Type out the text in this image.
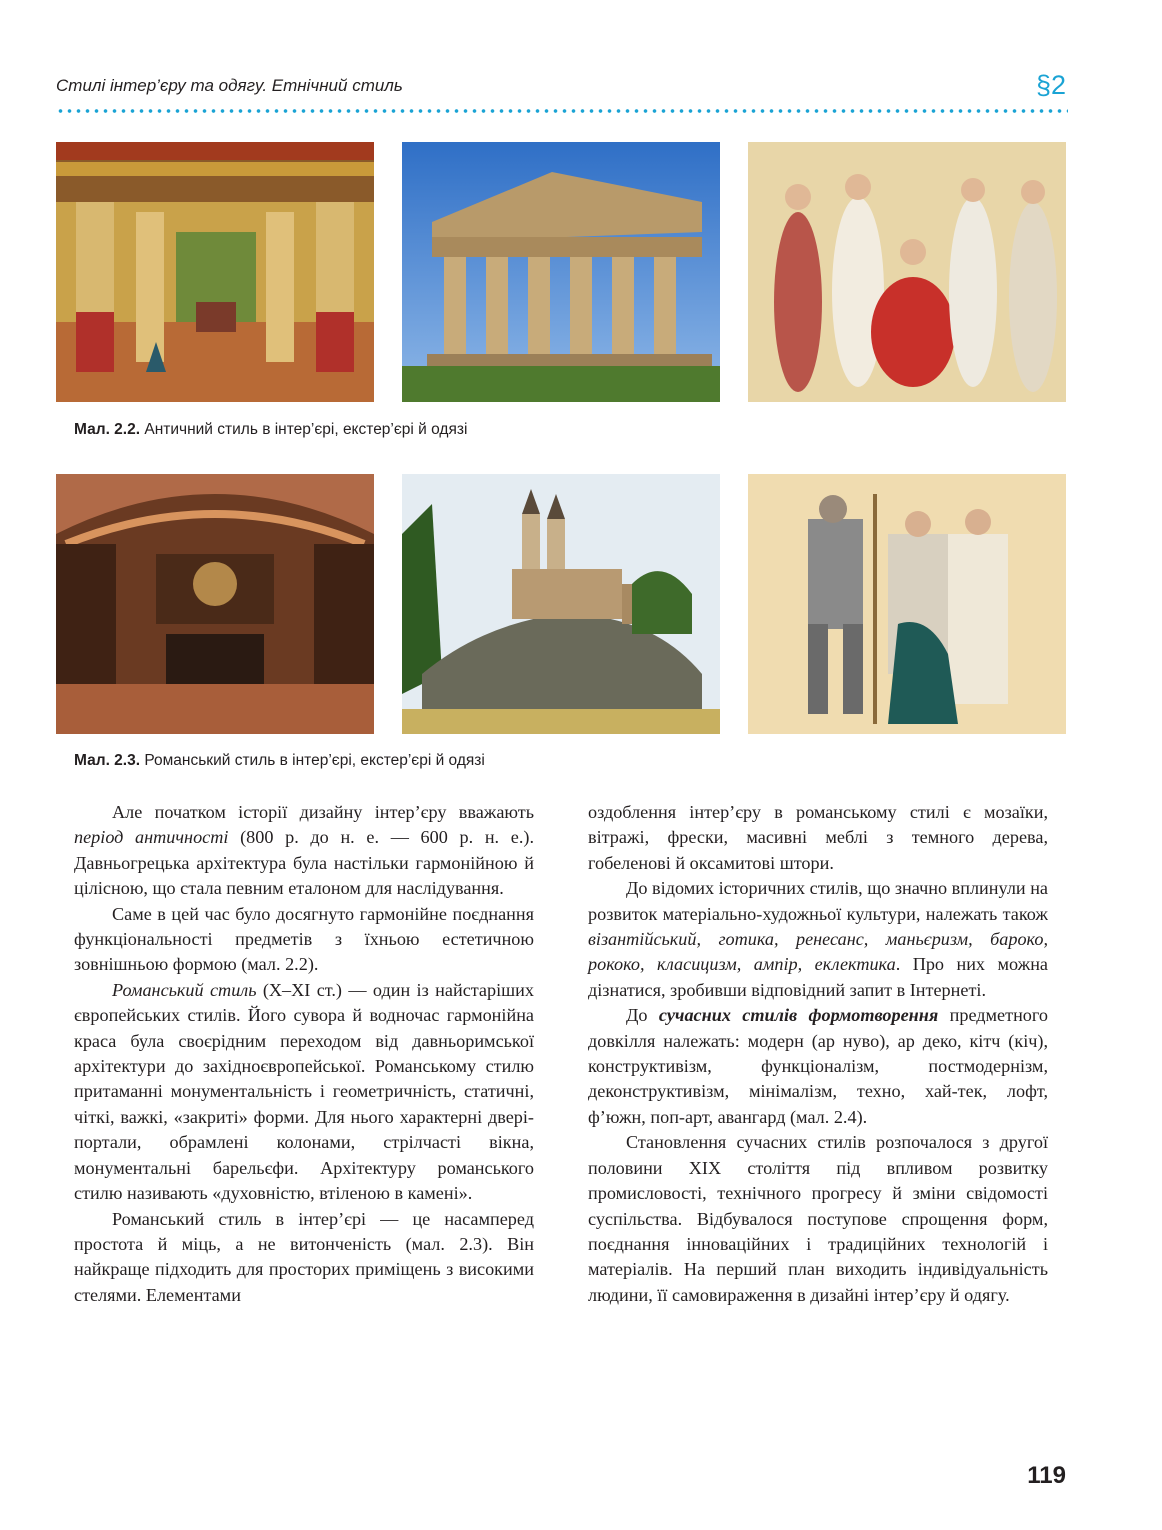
Стилі інтер’єру та одягу. Етнічний стиль	§2
Мал. 2.2. Античний стиль в інтер’єрі, екстер’єрі й одязі
Мал. 2.3. Романський стиль в інтер’єрі, екстер’єрі й одязі

Але початком історії дизайну інтер’єру вважають період античності (800 р. до н. е. — 600 р. н. е.). Давньогрецька архітектура була настільки гармонійною й цілісною, що стала певним еталоном для наслідування.

Саме в цей час було досягнуто гармонійне поєднання функціональності предметів з їхньою естетичною зовнішньою формою (мал. 2.2).

Романський стиль (X–XI ст.) — один із найстаріших європейських стилів. Його сувора й водночас гармонійна краса була своєрідним переходом від давньоримської архітектури до західноєвропейської. Романському стилю притаманні монументальність і геометричність, статичні, чіткі, важкі, «закриті» форми. Для нього характерні двері-портали, обрамлені колонами, стрілчасті вікна, монументальні барельєфи. Архітектуру романського стилю називають «духовністю, втіленою в камені».

Романський стиль в інтер’єрі — це насамперед простота й міць, а не витонченість (мал. 2.3). Він найкраще підходить для просторих приміщень з високими стелями. Елементами

оздоблення інтер’єру в романському стилі є мозаїки, вітражі, фрески, масивні меблі з темного дерева, гобеленові й оксамитові штори.

До відомих історичних стилів, що значно вплинули на розвиток матеріально-художньої культури, належать також візантійський, готика, ренесанс, маньєризм, бароко, рококо, класицизм, ампір, еклектика. Про них можна дізнатися, зробивши відповідний запит в Інтернеті.

До сучасних стилів формотворення предметного довкілля належать: модерн (ар нуво), ар деко, кітч (кіч), конструктивізм, функціоналізм, постмодернізм, деконструктивізм, мінімалізм, техно, хай-тек, лофт, ф’южн, поп-арт, авангард (мал. 2.4).

Становлення сучасних стилів розпочалося з другої половини XIX століття під впливом розвитку промисловості, технічного прогресу й зміни свідомості суспільства. Відбувалося поступове спрощення форм, поєднання інноваційних і традиційних технологій і матеріалів. На перший план виходить індивідуальність людини, її самовираження в дизайні інтер’єру й одягу.

119
